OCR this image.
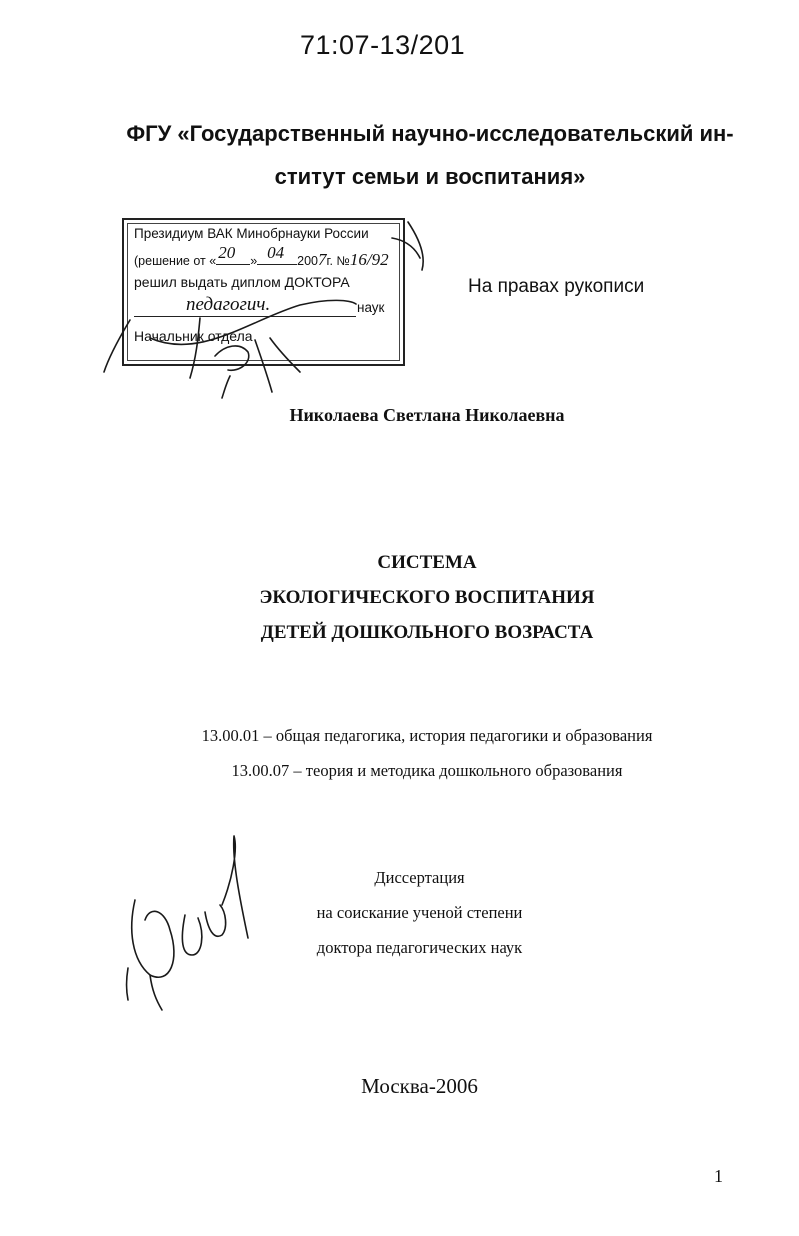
71:07-13/201
ФГУ «Государственный научно-исследовательский ин-
ститут семьи и воспитания»
Президиум ВАК Минобрнауки России
(решение от « 20 » 04 2007г. №16/92
решил выдать диплом ДОКТОРА
педагогич.	наук
Начальник отдела
На правах рукописи
Николаева Светлана Николаевна
СИСТЕМА
ЭКОЛОГИЧЕСКОГО ВОСПИТАНИЯ
ДЕТЕЙ ДОШКОЛЬНОГО ВОЗРАСТА
13.00.01 – общая педагогика, история педагогики и образования
13.00.07 – теория и методика дошкольного образования
Диссертация
на соискание ученой степени
доктора педагогических наук
Москва-2006
1
